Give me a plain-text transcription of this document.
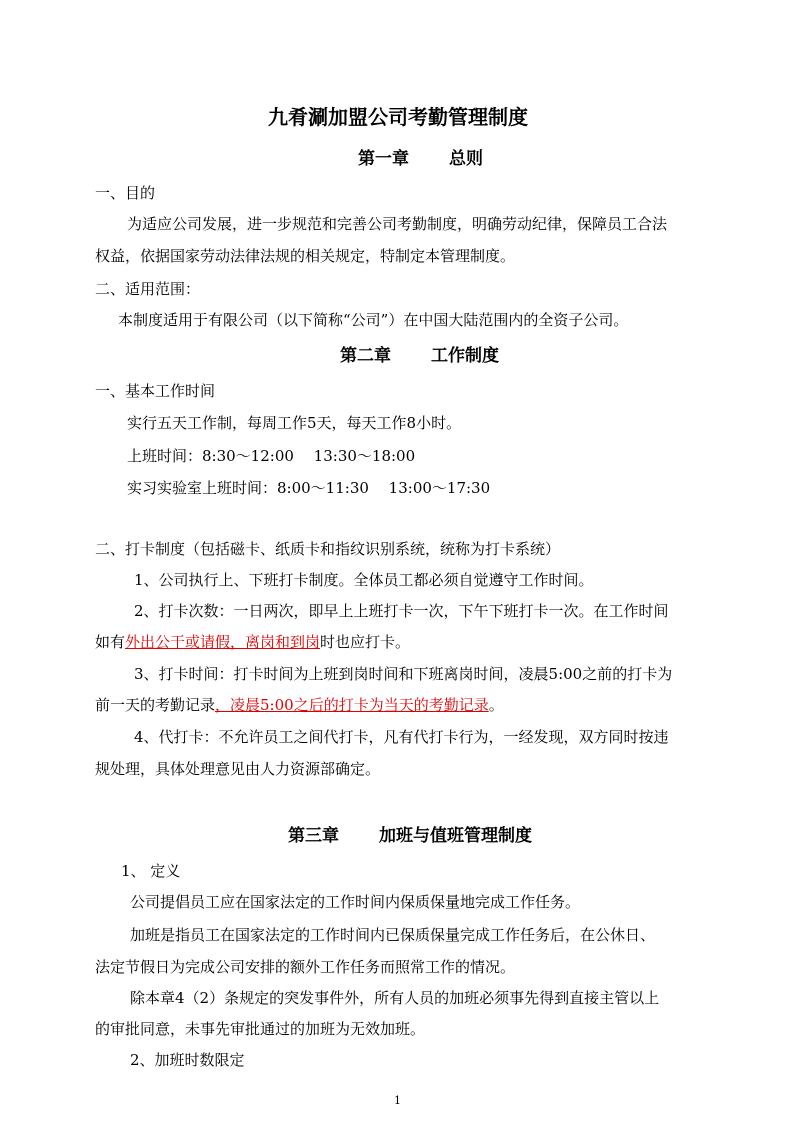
九肴涮加盟公司考勤管理制度
第一章 总则
一、目的
为适应公司发展，进一步规范和完善公司考勤制度，明确劳动纪律，保障员工合法
权益，依据国家劳动法律法规的相关规定，特制定本管理制度。
二、适用范围：
本制度适用于有限公司（以下简称“公司”）在中国大陆范围内的全资子公司。
第二章 工作制度
一、基本工作时间
实行五天工作制，每周工作5天，每天工作8小时。
上班时间：8:30～12:00　 13:30～18:00
实习实验室上班时间：8:00～11:30　 13:00～17:30
二、打卡制度（包括磁卡、纸质卡和指纹识别系统，统称为打卡系统）
1、公司执行上、下班打卡制度。全体员工都必须自觉遵守工作时间。
2、打卡次数：一日两次，即早上上班打卡一次，下午下班打卡一次。在工作时间
如有外出公干或请假，离岗和到岗时也应打卡。
3、打卡时间：打卡时间为上班到岗时间和下班离岗时间，凌晨5:00之前的打卡为
前一天的考勤记录，凌晨5:00之后的打卡为当天的考勤记录。
4、代打卡：不允许员工之间代打卡，凡有代打卡行为，一经发现，双方同时按违
规处理，具体处理意见由人力资源部确定。
第三章 加班与值班管理制度
1、 定义
公司提倡员工应在国家法定的工作时间内保质保量地完成工作任务。
加班是指员工在国家法定的工作时间内已保质保量完成工作任务后，在公休日、
法定节假日为完成公司安排的额外工作任务而照常工作的情况。
除本章4（2）条规定的突发事件外，所有人员的加班必须事先得到直接主管以上
的审批同意，未事先审批通过的加班为无效加班。
2、加班时数限定
1
